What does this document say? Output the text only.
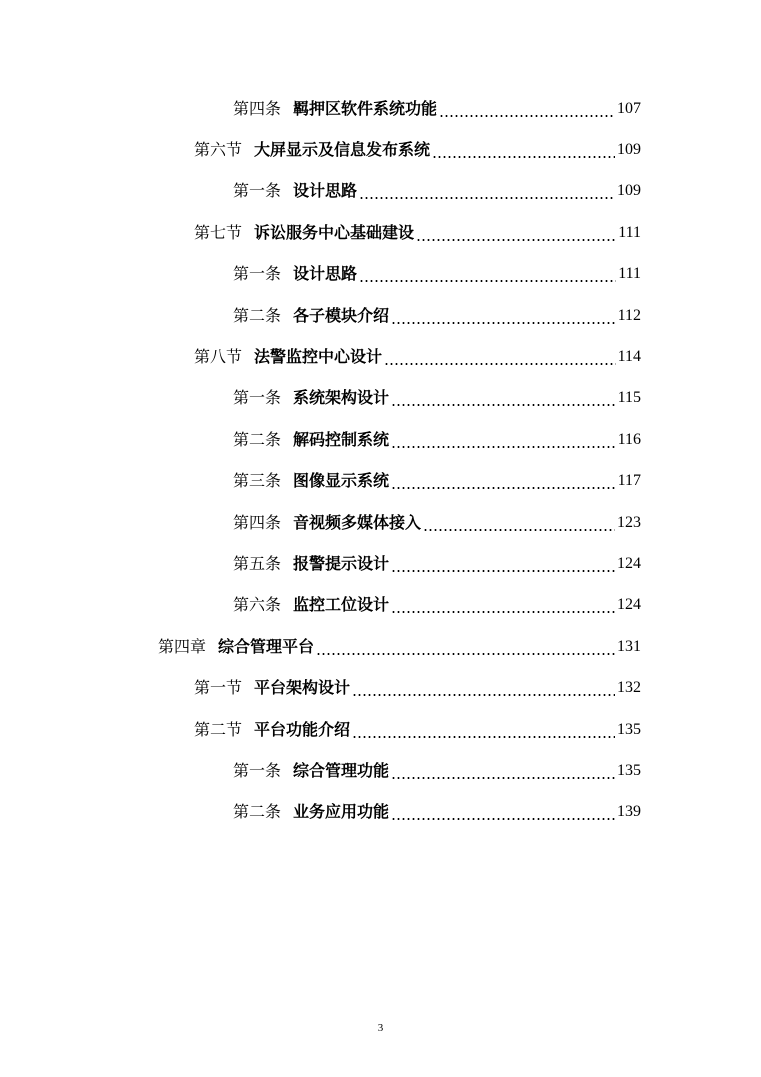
第四条 羁押区软件系统功能	107
第六节 大屏显示及信息发布系统	109
第一条 设计思路	109
第七节 诉讼服务中心基础建设	111
第一条 设计思路	111
第二条 各子模块介绍	112
第八节 法警监控中心设计	114
第一条 系统架构设计	115
第二条 解码控制系统	116
第三条 图像显示系统	117
第四条 音视频多媒体接入	123
第五条 报警提示设计	124
第六条 监控工位设计	124
第四章 综合管理平台	131
第一节 平台架构设计	132
第二节 平台功能介绍	135
第一条 综合管理功能	135
第二条 业务应用功能	139
3
